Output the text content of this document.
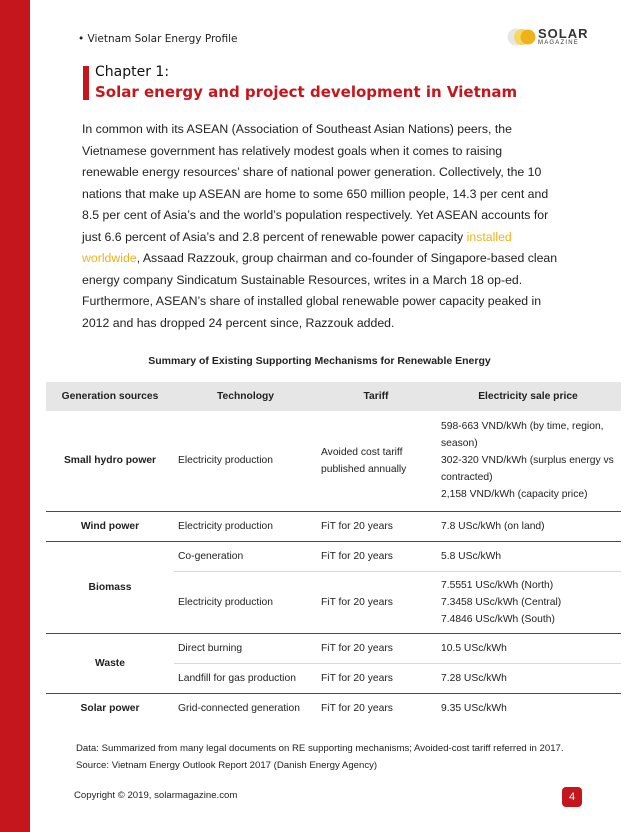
• Vietnam Solar Energy Profile	SOLAR
MAGAZINE
Chapter 1:
Solar energy and project development in Vietnam

In common with its ASEAN (Association of Southeast Asian Nations) peers, the Vietnamese government has relatively modest goals when it comes to raising renewable energy resources’ share of national power generation. Collectively, the 10 nations that make up ASEAN are home to some 650 million people, 14.3 per cent and 8.5 per cent of Asia’s and the world’s population respectively. Yet ASEAN accounts for just 6.6 percent of Asia’s and 2.8 percent of renewable power capacity installed worldwide, Assaad Razzouk, group chairman and co-founder of Singapore-based clean energy company Sindicatum Sustainable Resources, writes in a March 18 op-ed. Furthermore, ASEAN’s share of installed global renewable power capacity peaked in 2012 and has dropped 24 percent since, Razzouk added.

Summary of Existing Supporting Mechanisms for Renewable Energy
Generation sources	Technology	Tariff	Electricity sale price
Small hydro power	Electricity production	Avoided cost tariff published annually	598-663 VND/kWh (by time, region, season)
302-320 VND/kWh (surplus energy vs contracted)
2,158 VND/kWh (capacity price)

Wind power	Electricity production	FiT for 20 years	7.8 USc/kWh (on land)
Biomass	Co-generation	FiT for 20 years	5.8 USc/kWh
	Electricity production	FiT for 20 years	7.5551 USc/kWh (North)
7.3458 USc/kWh (Central)
7.4846 USc/kWh (South)

Waste	Direct burning	FiT for 20 years	10.5 USc/kWh
	Landfill for gas production	FiT for 20 years	7.28 USc/kWh
Solar power	Grid-connected generation	FiT for 20 years	9.35 USc/kWh
Data: Summarized from many legal documents on RE supporting mechanisms; Avoided-cost tariff referred in 2017.
Source: Vietnam Energy Outlook Report 2017 (Danish Energy Agency)
Copyright © 2019, solarmagazine.com	4
